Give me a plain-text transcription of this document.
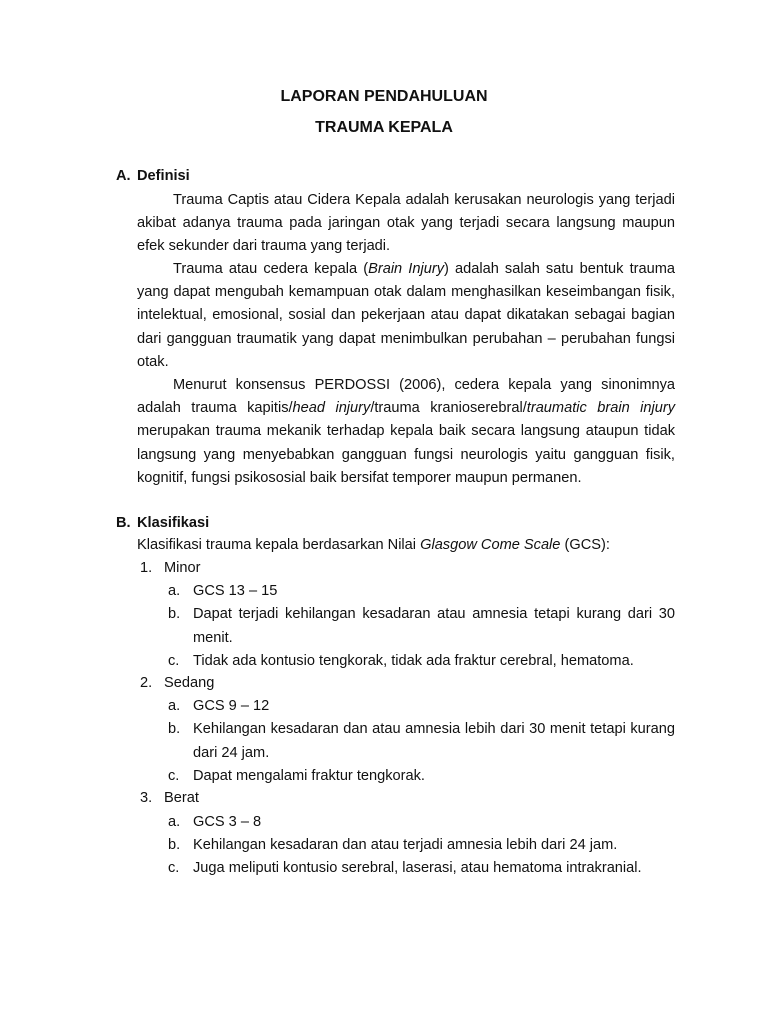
LAPORAN PENDAHULUAN
TRAUMA KEPALA
A. Definisi

Trauma Captis atau Cidera Kepala adalah kerusakan neurologis yang terjadi akibat adanya trauma pada jaringan otak yang terjadi secara langsung maupun efek sekunder dari trauma yang terjadi.

Trauma atau cedera kepala (Brain Injury) adalah salah satu bentuk trauma yang dapat mengubah kemampuan otak dalam menghasilkan keseimbangan fisik, intelektual, emosional, sosial dan pekerjaan atau dapat dikatakan sebagai bagian dari gangguan traumatik yang dapat menimbulkan perubahan – perubahan fungsi otak.

Menurut konsensus PERDOSSI (2006), cedera kepala yang sinonimnya adalah trauma kapitis/head injury/trauma kranioserebral/traumatic brain injury merupakan trauma mekanik terhadap kepala baik secara langsung ataupun tidak langsung yang menyebabkan gangguan fungsi neurologis yaitu gangguan fisik, kognitif, fungsi psikososial baik bersifat temporer maupun permanen.

B. Klasifikasi

Klasifikasi trauma kepala berdasarkan Nilai Glasgow Come Scale (GCS):

1. Minor
a. GCS 13 – 15
b. Dapat terjadi kehilangan kesadaran atau amnesia tetapi kurang dari 30 menit.
c. Tidak ada kontusio tengkorak, tidak ada fraktur cerebral, hematoma.
2. Sedang
a. GCS 9 – 12
b. Kehilangan kesadaran dan atau amnesia lebih dari 30 menit tetapi kurang dari 24 jam.
c. Dapat mengalami fraktur tengkorak.
3. Berat
a. GCS 3 – 8
b. Kehilangan kesadaran dan atau terjadi amnesia lebih dari 24 jam.
c. Juga meliputi kontusio serebral, laserasi, atau hematoma intrakranial.
